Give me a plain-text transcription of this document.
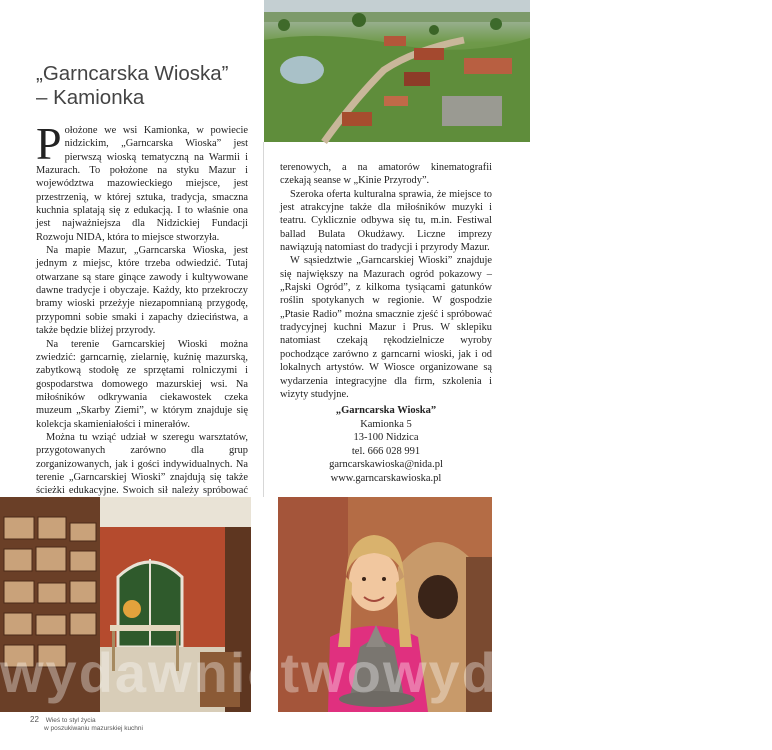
„Garncarska Wioska”
– Kamionka

Położone we wsi Kamionka, w powiecie nidzickim, „Garncarska Wioska” jest pierwszą wioską tematyczną na Warmii i Mazurach. To położone na styku Mazur i województwa mazowieckiego miejsce, jest przestrzenią, w której sztuka, tradycja, smaczna kuchnia splatają się z edukacją. I to właśnie ona jest najważniejsza dla Nidzickiej Fundacji Rozwoju NIDA, która to miejsce stworzyła.

Na mapie Mazur, „Garncarska Wioska, jest jednym z miejsc, które trzeba odwiedzić. Tutaj otwarzane są stare ginące zawody i kultywowane dawne tradycje i obyczaje. Każdy, kto przekroczy bramy wioski przeżyje niezapomnianą przygodę, przypomni sobie smaki i zapachy dzieciństwa, a także będzie bliżej przyrody.

Na terenie Garncarskiej Wioski można zwiedzić: garncarnię, zielarnię, kuźnię mazurską, zabytkową stodołę ze sprzętami rolniczymi i gospodarstwa domowego mazurskiej wsi. Na miłośników odkrywania ciekawostek czeka muzeum „Skarby Ziemi”, w którym znajduje się kolekcja skamieniałości i minerałów.

Można tu wziąć udział w szeregu warsztatów, przygotowanych zarówno dla grup zorganizowanych, jak i gości indywidualnych. Na terenie „Garncarskiej Wioski” znajdują się także ścieżki edukacyjne. Swoich sił należy spróbować

terenowych, a na amatorów kinematografii czekają seanse w „Kinie Przyrody”.

Szeroka oferta kulturalna sprawia, że miejsce to jest atrakcyjne także dla miłośników muzyki i teatru. Cyklicznie odbywa się tu, m.in. Festiwal ballad Bulata Okudżawy. Liczne imprezy nawiązują natomiast do tradycji i przyrody Mazur.

W sąsiedztwie „Garncarskiej Wioski” znajduje się największy na Mazurach ogród pokazowy – „Rajski Ogród”, z kilkoma tysiącami gatunków roślin spotykanych w regionie. W gospodzie „Ptasie Radio” można smacznie zjeść i spróbować tradycyjnej kuchni Mazur i Prus. W sklepiku natomiast czekają rękodzielnicze wyroby pochodzące zarówno z garncarni wioski, jak i od lokalnych artystów. W Wiosce organizowane są wydarzenia integracyjne dla firm, szkolenia i wizyty studyjne.

„Garncarska Wioska”
Kamionka 5
13-100 Nidzica
tel. 666 028 991
garncarskawioska@nida.pl
www.garncarskawioska.pl
wydawnictwowydomowe.pl
22 Wieś to styl życia
w poszukiwaniu mazurskiej kuchni
